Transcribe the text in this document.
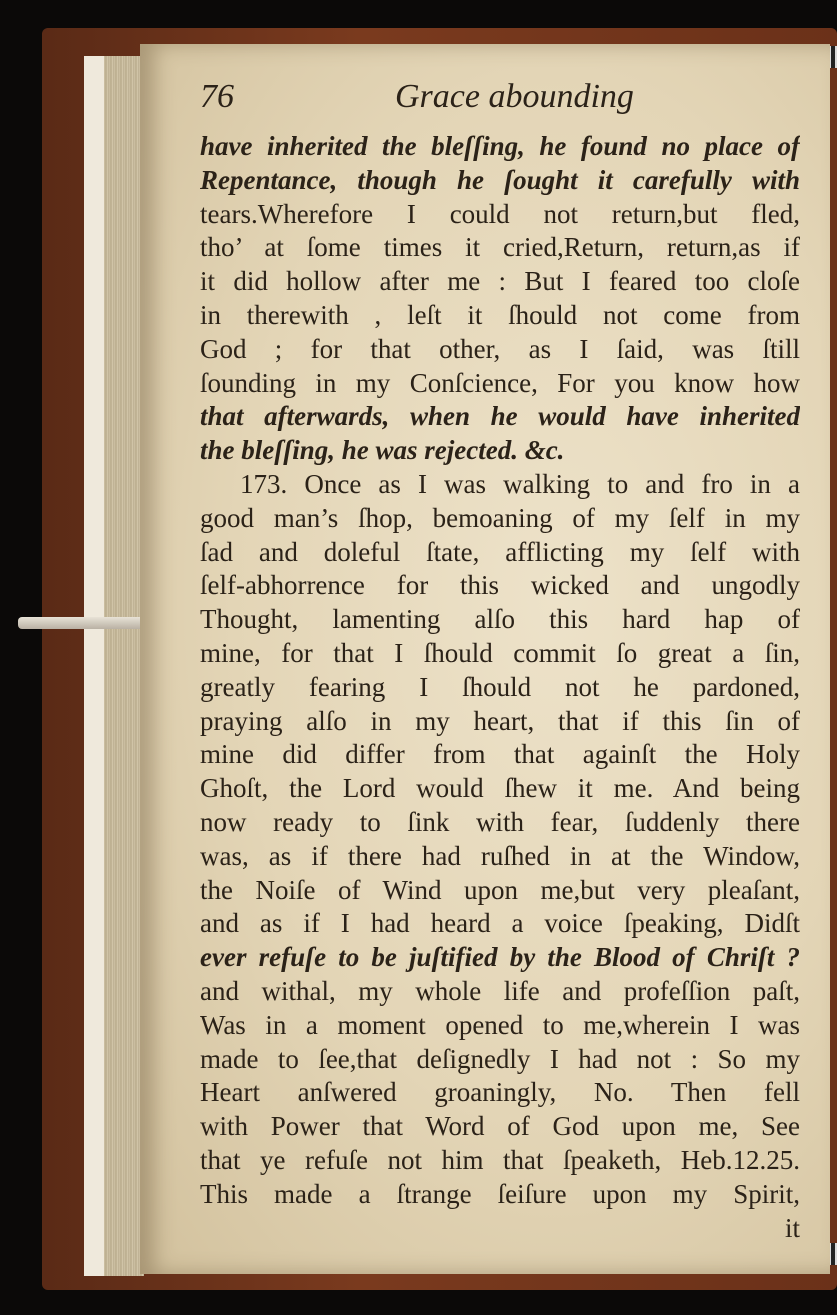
76	Grace abounding
have inherited the bleſſing, he found no place of
Repentance, though he ſought it carefully with
tears.Wherefore I could not return,but fled,
tho’ at ſome times it cried,Return, return,as if
it did hollow after me : But I feared too cloſe
in therewith , leſt it ſhould not come from
God ; for that other, as I ſaid, was ſtill
ſounding in my Conſcience, For you know how
that afterwards, when he would have inherited
the bleſſing, he was rejected. &c.
173. Once as I was walking to and fro in a
good man’s ſhop, bemoaning of my ſelf in my
ſad and doleful ſtate, afflicting my ſelf with
ſelf-abhorrence for this wicked and ungodly
Thought, lamenting alſo this hard hap of
mine, for that I ſhould commit ſo great a ſin,
greatly fearing I ſhould not he pardoned,
praying alſo in my heart, that if this ſin of
mine did differ from that againſt the Holy
Ghoſt, the Lord would ſhew it me. And being
now ready to ſink with fear, ſuddenly there
was, as if there had ruſhed in at the Window,
the Noiſe of Wind upon me,but very pleaſant,
and as if I had heard a voice ſpeaking, Didſt
ever refuſe to be juſtified by the Blood of Chriſt ?
and withal, my whole life and profeſſion paſt,
Was in a moment opened to me,wherein I was
made to ſee,that deſignedly I had not : So my
Heart anſwered groaningly, No. Then fell
with Power that Word of God upon me, See
that ye refuſe not him that ſpeaketh, Heb.12.25.
This made a ſtrange ſeiſure upon my Spirit,
it
